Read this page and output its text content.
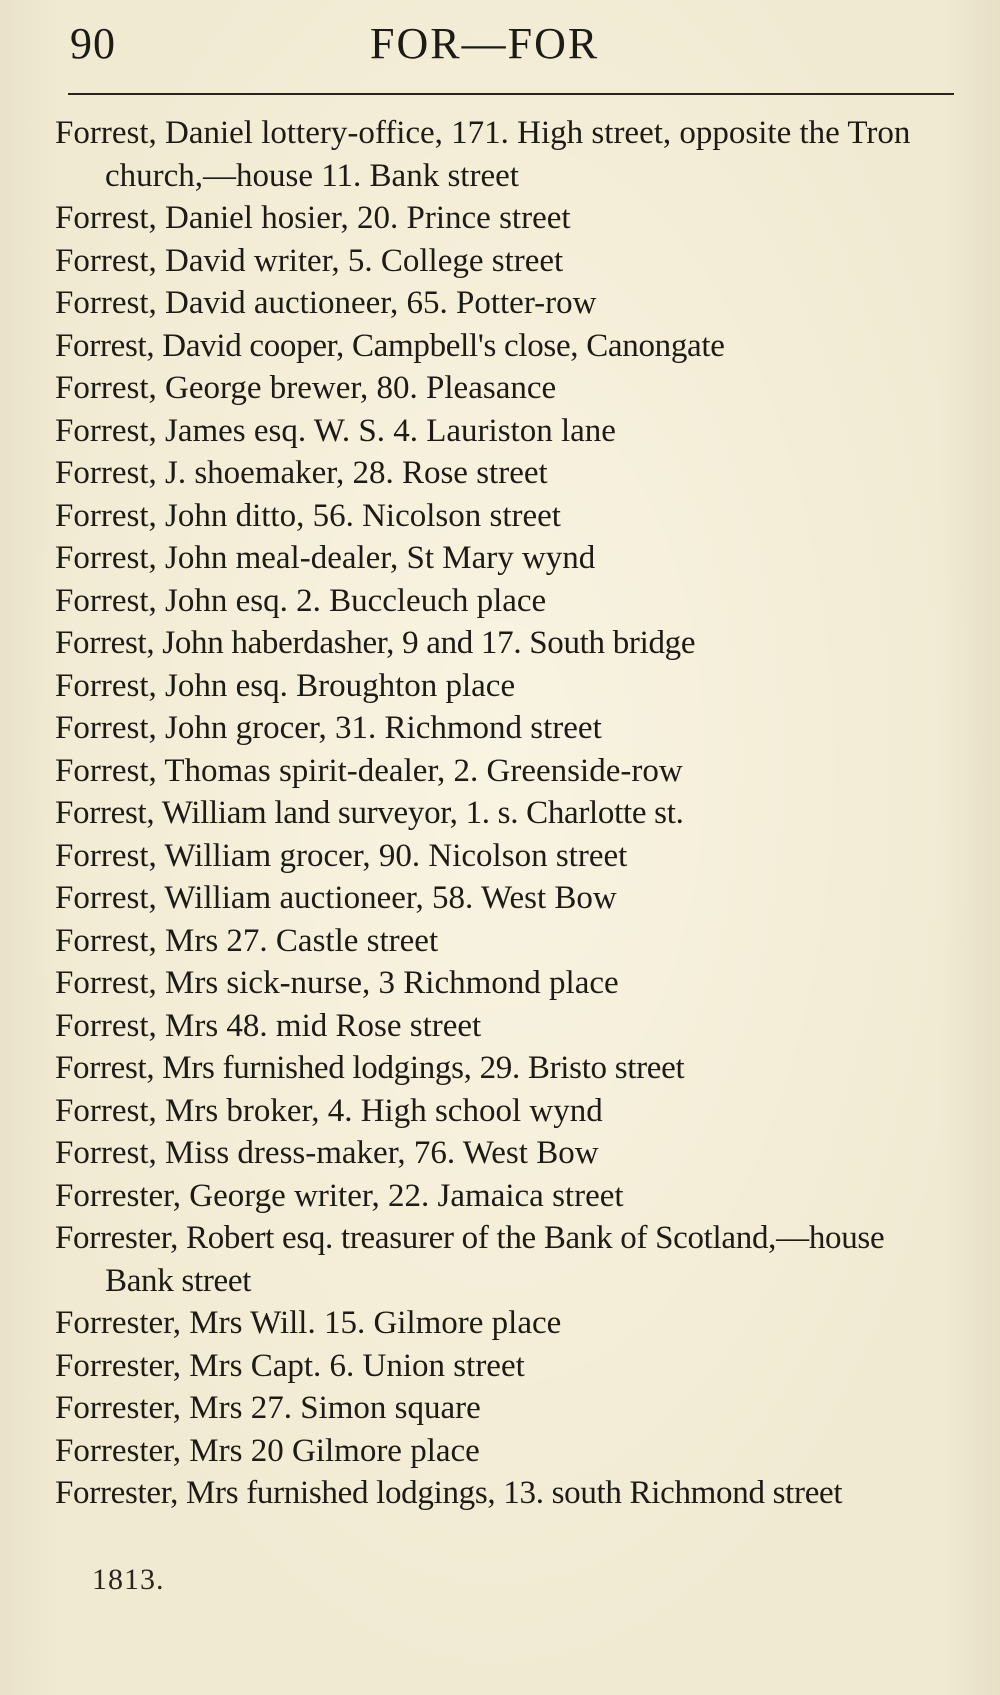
90	FOR—FOR
Forrest, Daniel lottery-office, 171. High street, opposite the Tron church,—house 11. Bank street
Forrest, Daniel hosier, 20. Prince street
Forrest, David writer, 5. College street
Forrest, David auctioneer, 65. Potter-row
Forrest, David cooper, Campbell's close, Canongate
Forrest, George brewer, 80. Pleasance
Forrest, James esq. W. S. 4. Lauriston lane
Forrest, J. shoemaker, 28. Rose street
Forrest, John ditto, 56. Nicolson street
Forrest, John meal-dealer, St Mary wynd
Forrest, John esq. 2. Buccleuch place
Forrest, John haberdasher, 9 and 17. South bridge
Forrest, John esq. Broughton place
Forrest, John grocer, 31. Richmond street
Forrest, Thomas spirit-dealer, 2. Greenside-row
Forrest, William land surveyor, 1. s. Charlotte st.
Forrest, William grocer, 90. Nicolson street
Forrest, William auctioneer, 58. West Bow
Forrest, Mrs 27. Castle street
Forrest, Mrs sick-nurse, 3 Richmond place
Forrest, Mrs 48. mid Rose street
Forrest, Mrs furnished lodgings, 29. Bristo street
Forrest, Mrs broker, 4. High school wynd
Forrest, Miss dress-maker, 76. West Bow
Forrester, George writer, 22. Jamaica street
Forrester, Robert esq. treasurer of the Bank of Scotland,—house Bank street
Forrester, Mrs Will. 15. Gilmore place
Forrester, Mrs Capt. 6. Union street
Forrester, Mrs 27. Simon square
Forrester, Mrs 20 Gilmore place
Forrester, Mrs furnished lodgings, 13. south Richmond street
1813.
